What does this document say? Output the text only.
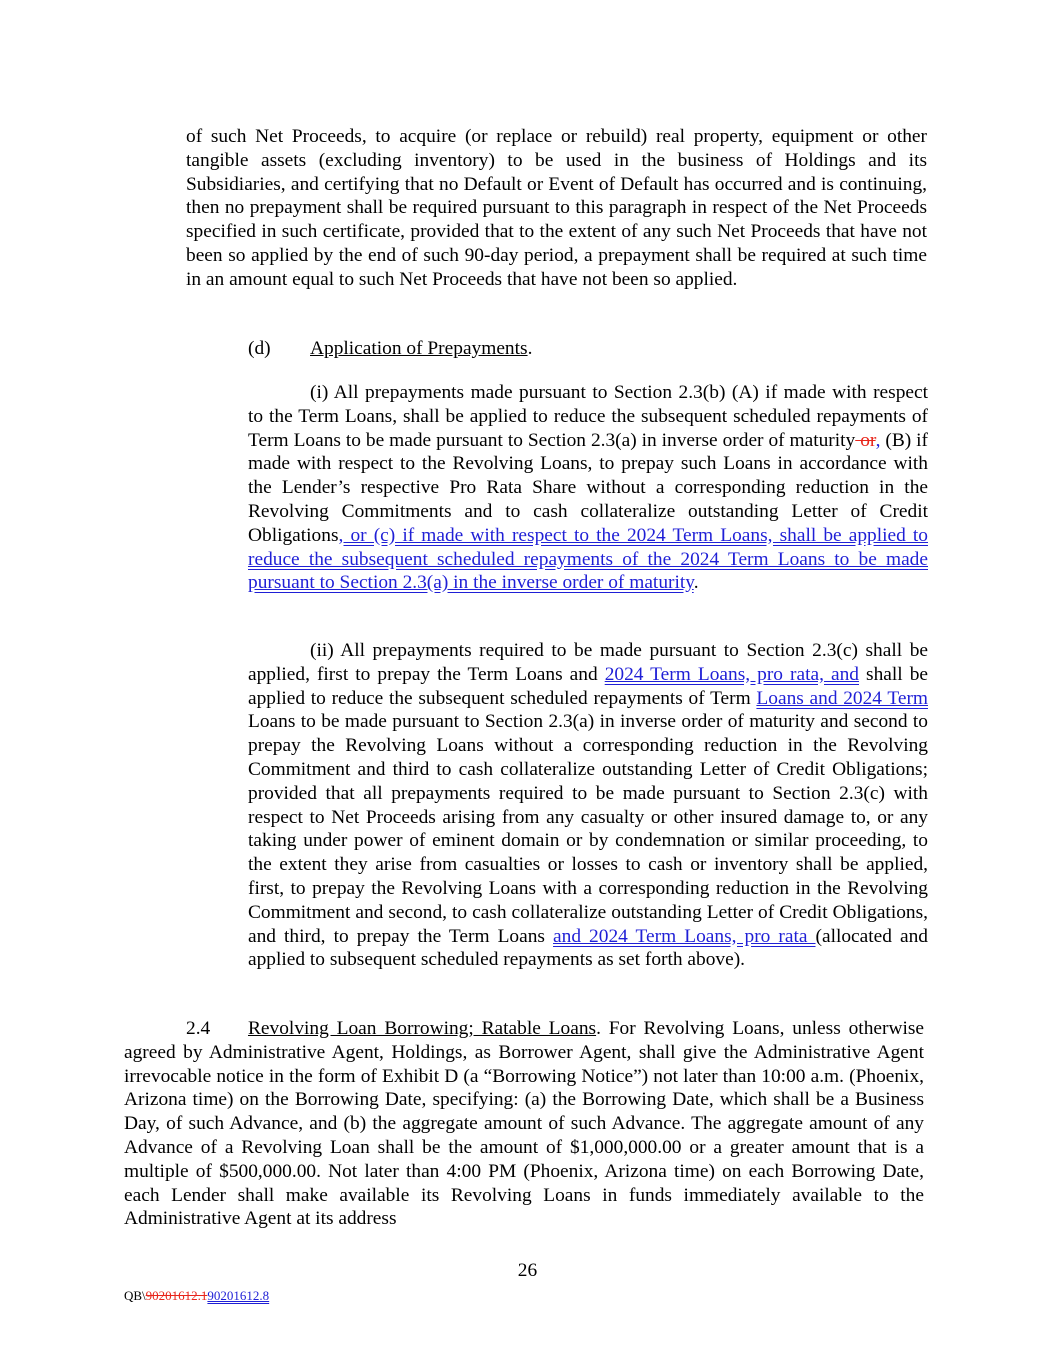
of such Net Proceeds, to acquire (or replace or rebuild) real property, equipment or other tangible assets (excluding inventory) to be used in the business of Holdings and its Subsidiaries, and certifying that no Default or Event of Default has occurred and is continuing, then no prepayment shall be required pursuant to this paragraph in respect of the Net Proceeds specified in such certificate, provided that to the extent of any such Net Proceeds that have not been so applied by the end of such 90-day period, a prepayment shall be required at such time in an amount equal to such Net Proceeds that have not been so applied.

(d) Application of Prepayments.

(i) All prepayments made pursuant to Section 2.3(b) (A) if made with respect to the Term Loans, shall be applied to reduce the subsequent scheduled repayments of Term Loans to be made pursuant to Section 2.3(a) in inverse order of maturity or, (B) if made with respect to the Revolving Loans, to prepay such Loans in accordance with the Lender’s respective Pro Rata Share without a corresponding reduction in the Revolving Commitments and to cash collateralize outstanding Letter of Credit Obligations, or (c) if made with respect to the 2024 Term Loans, shall be applied to reduce the subsequent scheduled repayments of the 2024 Term Loans to be made pursuant to Section 2.3(a) in the inverse order of maturity.

(ii) All prepayments required to be made pursuant to Section 2.3(c) shall be applied, first to prepay the Term Loans and 2024 Term Loans, pro rata, and shall be applied to reduce the subsequent scheduled repayments of Term Loans and 2024 Term Loans to be made pursuant to Section 2.3(a) in inverse order of maturity and second to prepay the Revolving Loans without a corresponding reduction in the Revolving Commitment and third to cash collateralize outstanding Letter of Credit Obligations; provided that all prepayments required to be made pursuant to Section 2.3(c) with respect to Net Proceeds arising from any casualty or other insured damage to, or any taking under power of eminent domain or by condemnation or similar proceeding, to the extent they arise from casualties or losses to cash or inventory shall be applied, first, to prepay the Revolving Loans with a corresponding reduction in the Revolving Commitment and second, to cash collateralize outstanding Letter of Credit Obligations, and third, to prepay the Term Loans and 2024 Term Loans, pro rata (allocated and applied to subsequent scheduled repayments as set forth above).

2.4 Revolving Loan Borrowing; Ratable Loans. For Revolving Loans, unless otherwise agreed by Administrative Agent, Holdings, as Borrower Agent, shall give the Administrative Agent irrevocable notice in the form of Exhibit D (a “Borrowing Notice”) not later than 10:00 a.m. (Phoenix, Arizona time) on the Borrowing Date, specifying: (a) the Borrowing Date, which shall be a Business Day, of such Advance, and (b) the aggregate amount of such Advance. The aggregate amount of any Advance of a Revolving Loan shall be the amount of $1,000,000.00 or a greater amount that is a multiple of $500,000.00. Not later than 4:00 PM (Phoenix, Arizona time) on each Borrowing Date, each Lender shall make available its Revolving Loans in funds immediately available to the Administrative Agent at its address

26
QB\90201612.190201612.8
